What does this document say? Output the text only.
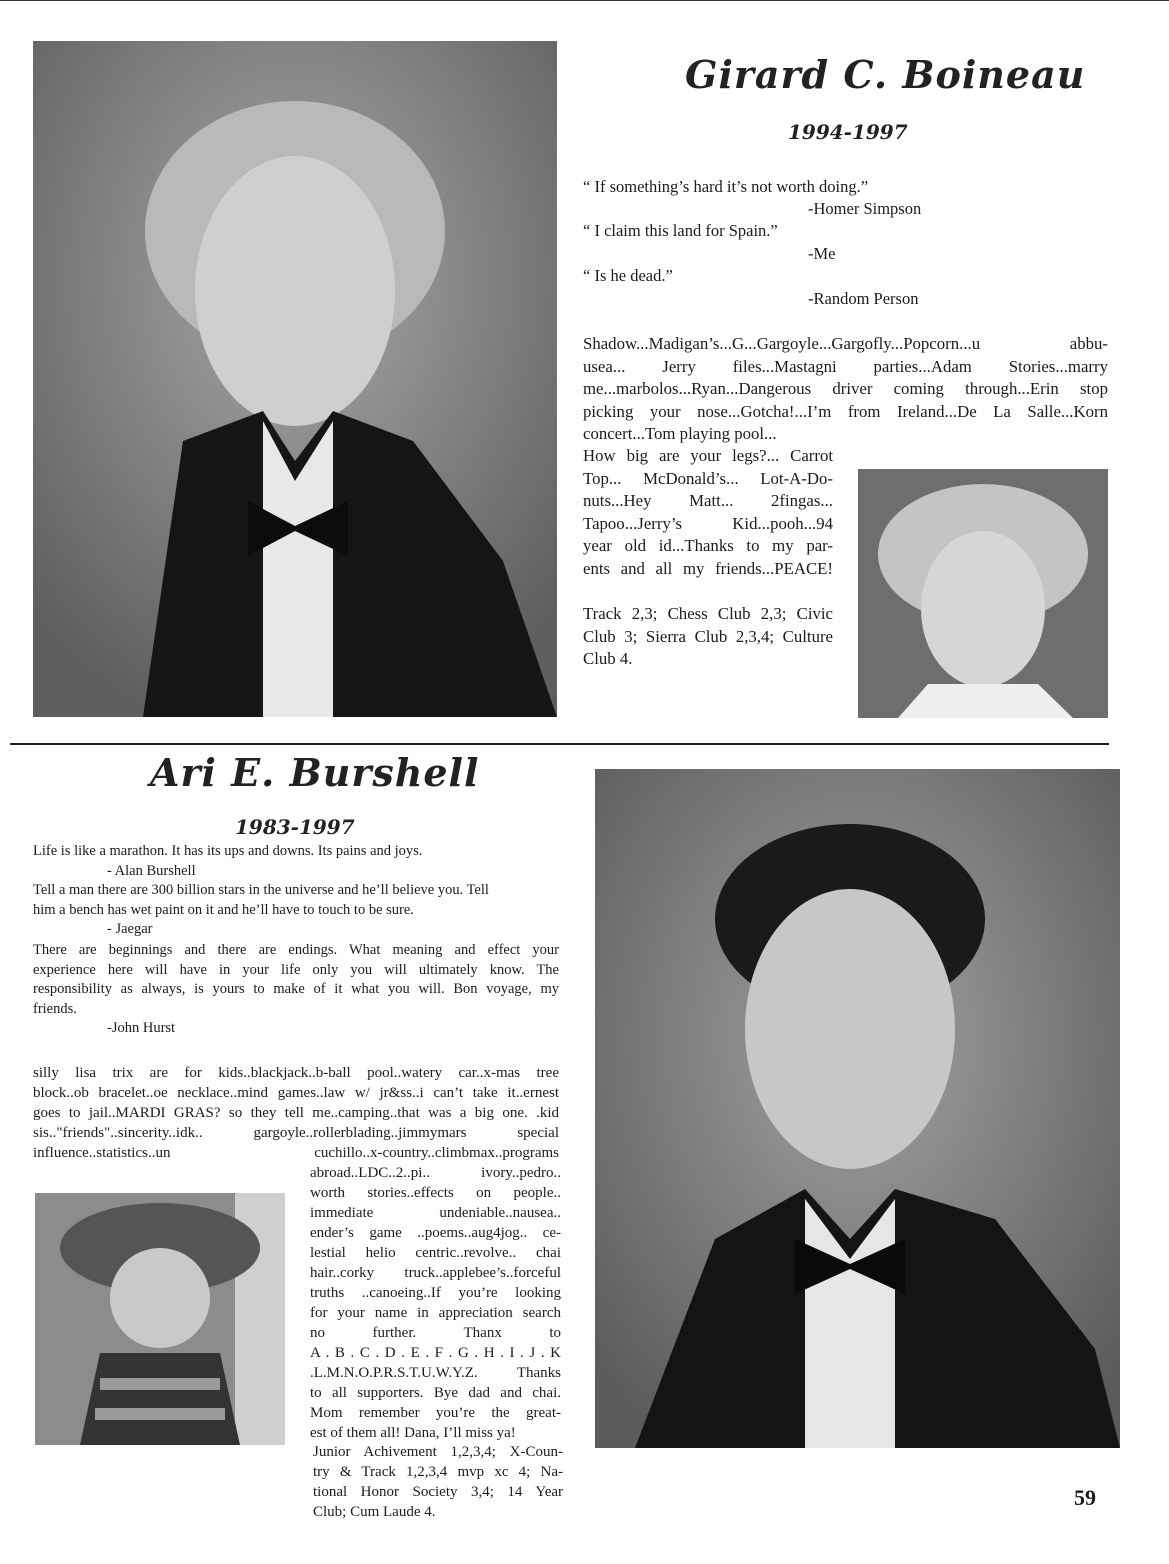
Girard C. Boineau
1994-1997
“ If something’s hard it’s not worth doing.”
-Homer Simpson
“ I claim this land for Spain.”
-Me
“ Is he dead.”
-Random Person
Shadow...Madigan’s...G...Gargoyle...Gargofly...Popcorn...u abbu-
usea... Jerry files...Mastagni parties...Adam Stories...marry
me...marbolos...Ryan...Dangerous driver coming through...Erin stop
picking your nose...Gotcha!...I’m from Ireland...De La Salle...Korn
concert...Tom playing pool...
How big are your legs?... Carrot
Top... McDonald’s... Lot-A-Do-
nuts...Hey Matt... 2fingas...
Tapoo...Jerry’s Kid...pooh...94
year old id...Thanks to my par-
ents and all my friends...PEACE!
Track 2,3; Chess Club 2,3; Civic
Club 3; Sierra Club 2,3,4; Culture
Club 4.
Ari E. Burshell
1983-1997
Life is like a marathon. It has its ups and downs. Its pains and joys.
- Alan Burshell
Tell a man there are 300 billion stars in the universe and he’ll believe you. Tell
him a bench has wet paint on it and he’ll have to touch to be sure.
- Jaegar
There are beginnings and there are endings. What meaning and effect your
experience here will have in your life only you will ultimately know. The
responsibility as always, is yours to make of it what you will. Bon voyage, my
friends.
-John Hurst
silly lisa trix are for kids..blackjack..b-ball pool..watery car..x-mas tree
block..ob bracelet..oe necklace..mind games..law w/ jr&ss..i can’t take it..ernest
goes to jail..MARDI GRAS? so they tell me..camping..that was a big one. .kid
sis.."friends"..sincerity..idk.. gargoyle..rollerblading..jimmymars special
influence..statistics..un cuchillo..x-country..climbmax..programs
abroad..LDC..2..pi.. ivory..pedro..
worth stories..effects on people..
immediate undeniable..nausea..
ender’s game ..poems..aug4jog.. ce-
lestial helio centric..revolve.. chai
hair..corky truck..applebee’s..forceful
truths ..canoeing..If you’re looking
for your name in appreciation search
no further. Thanx to
A . B . C . D . E . F . G . H . I . J . K
.L.M.N.O.P.R.S.T.U.W.Y.Z. Thanks
to all supporters. Bye dad and chai.
Mom remember you’re the great-
est of them all! Dana, I’ll miss ya!
Junior Achivement 1,2,3,4; X-Coun-
try & Track 1,2,3,4 mvp xc 4; Na-
tional Honor Society 3,4; 14 Year
Club; Cum Laude 4.
59
